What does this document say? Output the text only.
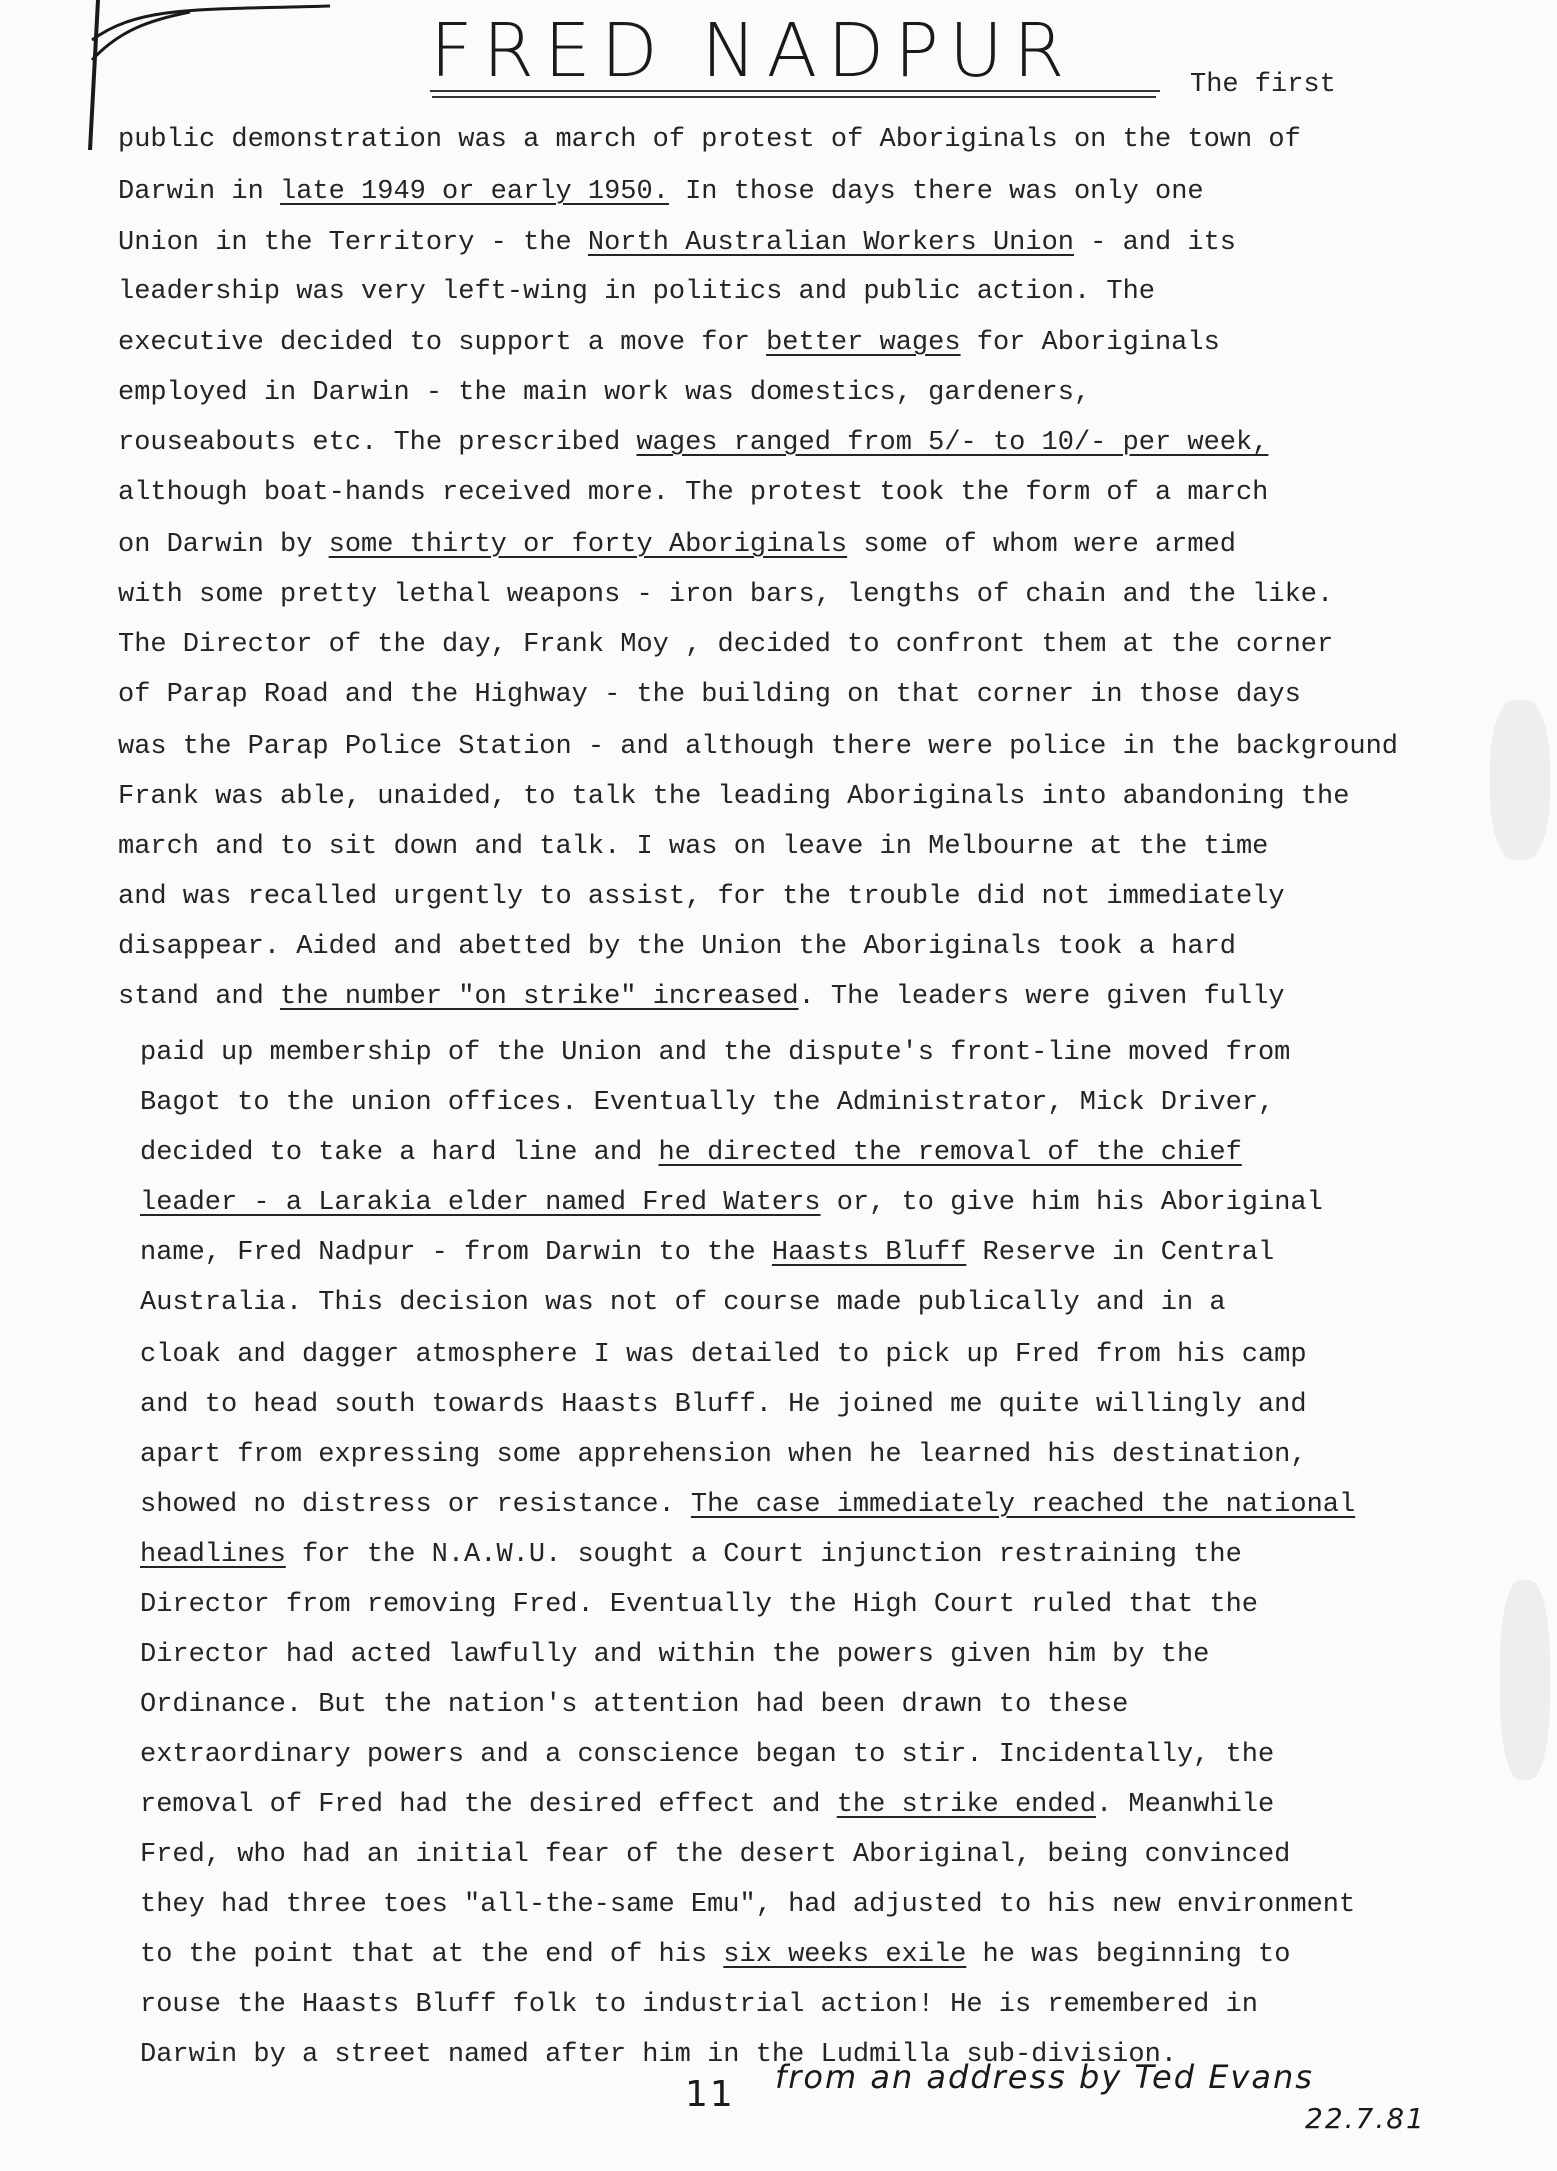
FRED NADPUR	The first
public demonstration was a march of protest of Aboriginals on the town of
Darwin in late 1949 or early 1950. In those days there was only one
Union in the Territory - the North Australian Workers Union - and its
leadership was very left-wing in politics and public action. The
executive decided to support a move for better wages for Aboriginals
employed in Darwin - the main work was domestics, gardeners,
rouseabouts etc. The prescribed wages ranged from 5/- to 10/- per week,
although boat-hands received more. The protest took the form of a march
on Darwin by some thirty or forty Aboriginals some of whom were armed
with some pretty lethal weapons - iron bars, lengths of chain and the like.
The Director of the day, Frank Moy , decided to confront them at the corner
of Parap Road and the Highway - the building on that corner in those days
was the Parap Police Station - and although there were police in the background
Frank was able, unaided, to talk the leading Aboriginals into abandoning the
march and to sit down and talk. I was on leave in Melbourne at the time
and was recalled urgently to assist, for the trouble did not immediately
disappear. Aided and abetted by the Union the Aboriginals took a hard
stand and the number "on strike" increased. The leaders were given fully
paid up membership of the Union and the dispute's front-line moved from
Bagot to the union offices. Eventually the Administrator, Mick Driver,
decided to take a hard line and he directed the removal of the chief
leader - a Larakia elder named Fred Waters or, to give him his Aboriginal
name, Fred Nadpur - from Darwin to the Haasts Bluff Reserve in Central
Australia. This decision was not of course made publically and in a
cloak and dagger atmosphere I was detailed to pick up Fred from his camp
and to head south towards Haasts Bluff. He joined me quite willingly and
apart from expressing some apprehension when he learned his destination,
showed no distress or resistance. The case immediately reached the national
headlines for the N.A.W.U. sought a Court injunction restraining the
Director from removing Fred. Eventually the High Court ruled that the
Director had acted lawfully and within the powers given him by the
Ordinance. But the nation's attention had been drawn to these
extraordinary powers and a conscience began to stir. Incidentally, the
removal of Fred had the desired effect and the strike ended. Meanwhile
Fred, who had an initial fear of the desert Aboriginal, being convinced
they had three toes "all-the-same Emu", had adjusted to his new environment
to the point that at the end of his six weeks exile he was beginning to
rouse the Haasts Bluff folk to industrial action! He is remembered in
Darwin by a street named after him in the Ludmilla sub-division.
11 from an address by Ted Evans
22.7.81
